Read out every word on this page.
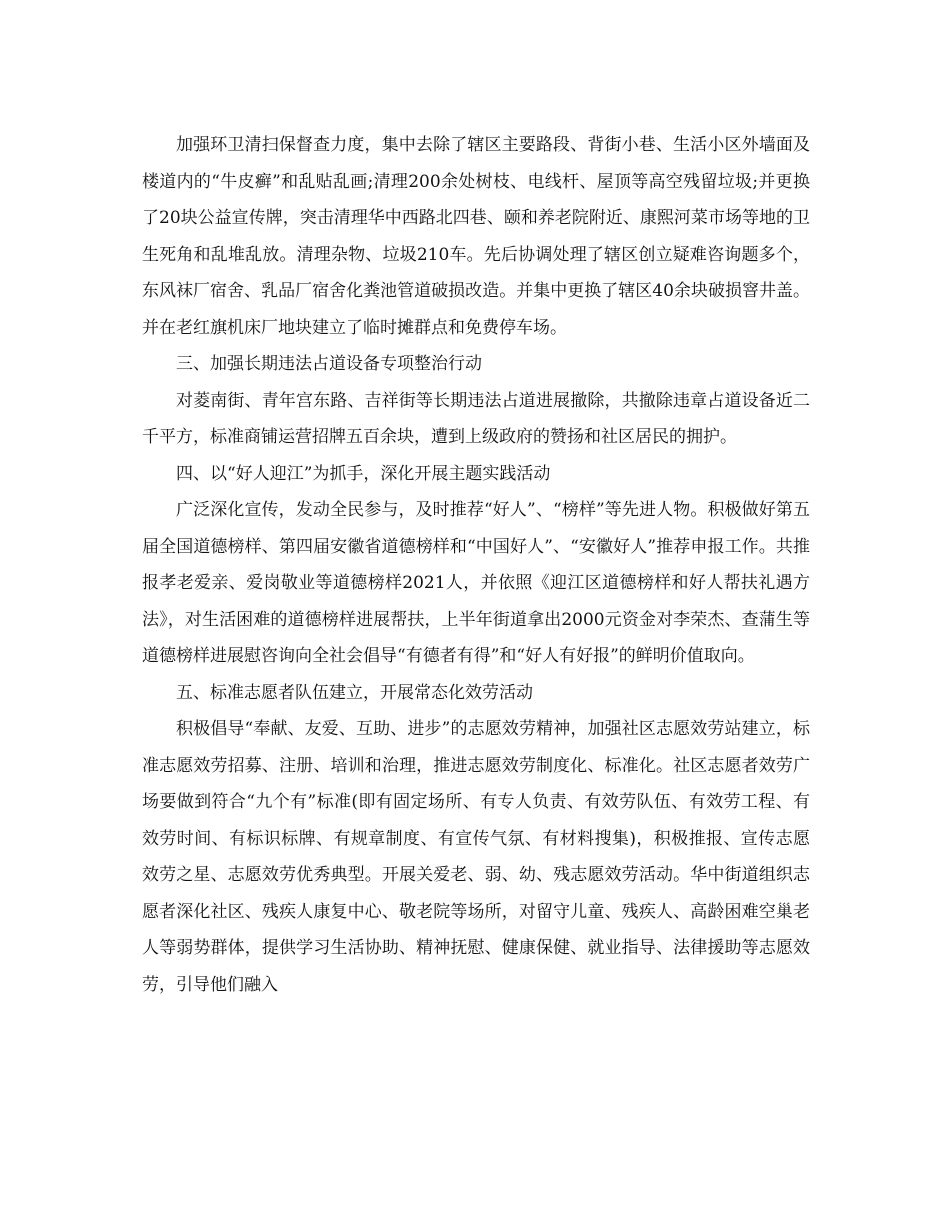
加强环卫清扫保督查力度，集中去除了辖区主要路段、背街小巷、生活小区外墙面及楼道内的“牛皮癣”和乱贴乱画;清理200余处树枝、电线杆、屋顶等高空残留垃圾;并更换了20块公益宣传牌，突击清理华中西路北四巷、颐和养老院附近、康熙河菜市场等地的卫生死角和乱堆乱放。清理杂物、垃圾210车。先后协调处理了辖区创立疑难咨询题多个，东风袜厂宿舍、乳品厂宿舍化粪池管道破损改造。并集中更换了辖区40余块破损窨井盖。并在老红旗机床厂地块建立了临时摊群点和免费停车场。

三、加强长期违法占道设备专项整治行动

对菱南街、青年宫东路、吉祥街等长期违法占道进展撤除，共撤除违章占道设备近二千平方，标准商铺运营招牌五百余块，遭到上级政府的赞扬和社区居民的拥护。

四、以“好人迎江”为抓手，深化开展主题实践活动

广泛深化宣传，发动全民参与，及时推荐“好人”、“榜样”等先进人物。积极做好第五届全国道德榜样、第四届安徽省道德榜样和“中国好人”、“安徽好人”推荐申报工作。共推报孝老爱亲、爱岗敬业等道德榜样2021人，并依照《迎江区道德榜样和好人帮扶礼遇方法》，对生活困难的道德榜样进展帮扶，上半年街道拿出2000元资金对李荣杰、查蒲生等道德榜样进展慰咨询向全社会倡导“有德者有得”和“好人有好报”的鲜明价值取向。

五、标准志愿者队伍建立，开展常态化效劳活动

积极倡导“奉献、友爱、互助、进步”的志愿效劳精神，加强社区志愿效劳站建立，标准志愿效劳招募、注册、培训和治理，推进志愿效劳制度化、标准化。社区志愿者效劳广场要做到符合“九个有”标准(即有固定场所、有专人负责、有效劳队伍、有效劳工程、有效劳时间、有标识标牌、有规章制度、有宣传气氛、有材料搜集)，积极推报、宣传志愿效劳之星、志愿效劳优秀典型。开展关爱老、弱、幼、残志愿效劳活动。华中街道组织志愿者深化社区、残疾人康复中心、敬老院等场所，对留守儿童、残疾人、高龄困难空巢老人等弱势群体，提供学习生活协助、精神抚慰、健康保健、就业指导、法律援助等志愿效劳，引导他们融入
